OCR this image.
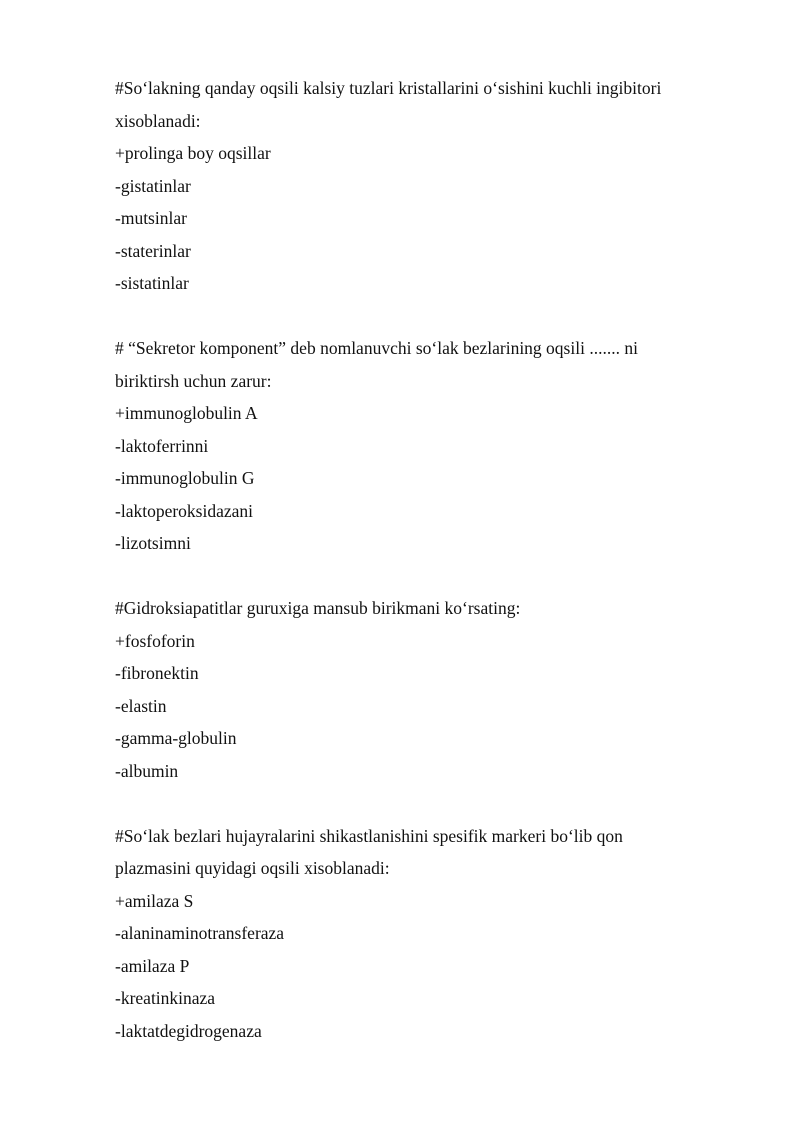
#So‘lakning qanday oqsili kalsiy tuzlari kristallarini o‘sishini kuchli ingibitori
xisoblanadi:
+prolinga boy oqsillar
-gistatinlar
-mutsinlar
-staterinlar
-sistatinlar
# “Sekretor komponent” deb nomlanuvchi so‘lak bezlarining oqsili ....... ni
biriktirsh uchun zarur:
+immunoglobulin A
-laktoferrinni
-immunoglobulin G
-laktoperoksidazani
-lizotsimni
#Gidroksiapatitlar guruxiga mansub birikmani ko‘rsating:
+fosfoforin
-fibronektin
-elastin
-gamma-globulin
-albumin
#So‘lak bezlari hujayralarini shikastlanishini spesifik markeri bo‘lib qon
plazmasini quyidagi oqsili xisoblanadi:
+amilaza S
-alaninaminotransferaza
-amilaza P
-kreatinkinaza
-laktatdegidrogenaza
